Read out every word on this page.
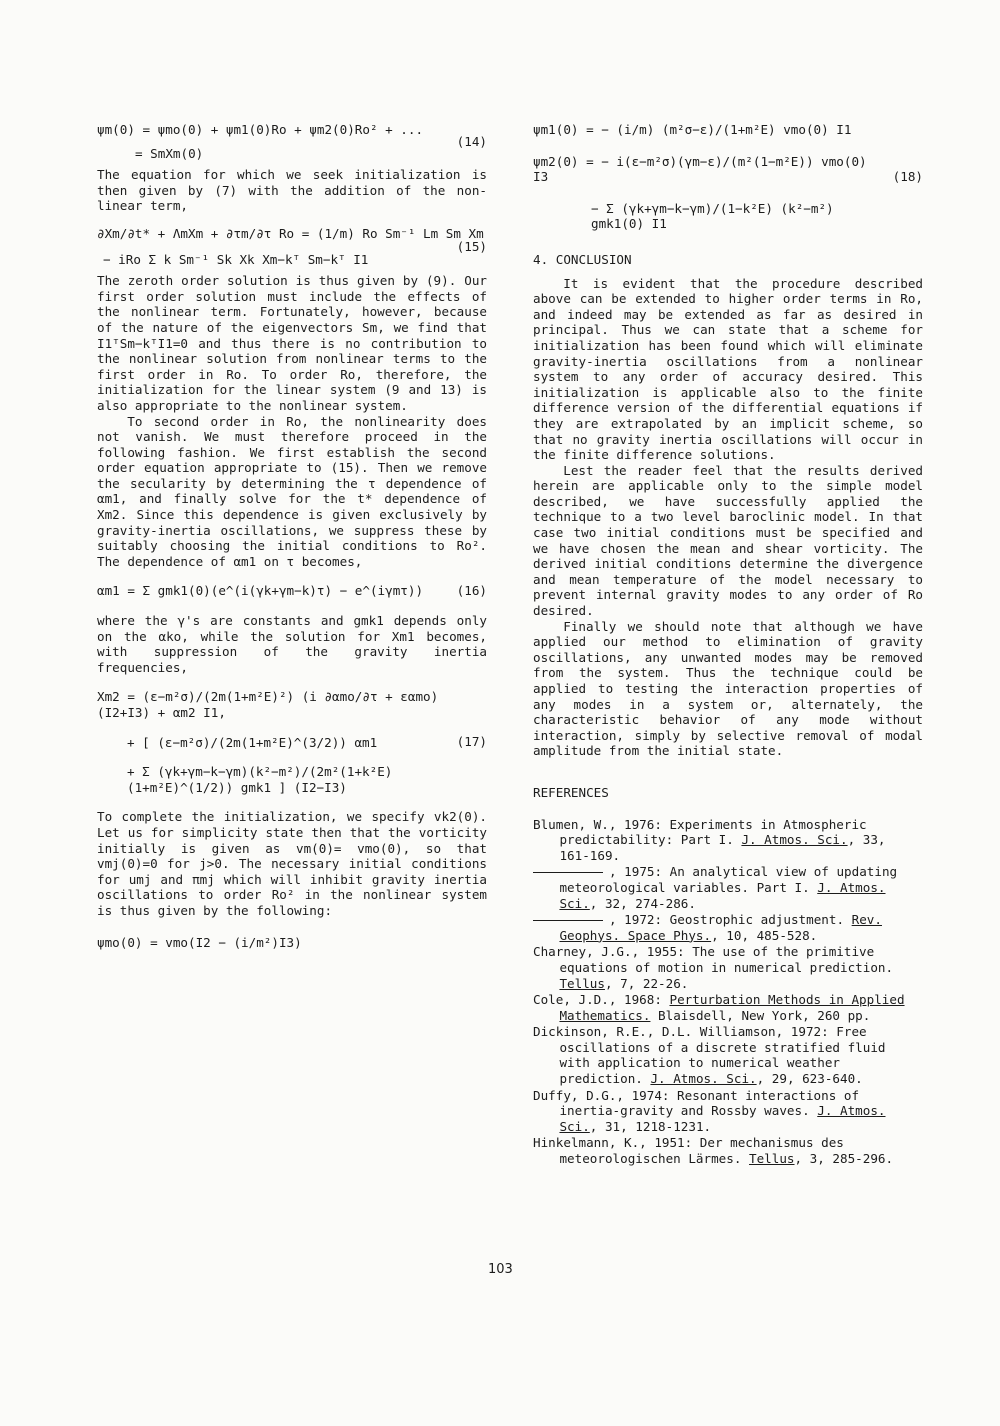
ψm(0) = ψmo(0) + ψm1(0)Ro + ψm2(0)Ro² + ...
= SmXm(0)
(14)

The equation for which we seek initialization is then given by (7) with the addition of the non-linear term,

∂Xm/∂t* + ΛmXm + ∂τm/∂τ Ro = (1/m) Ro Sm⁻¹ Lm Sm Xm
− iRo Σ k Sm⁻¹ Sk Xk Xm−kᵀ Sm−kᵀ I1
(15)

The zeroth order solution is thus given by (9). Our first order solution must include the effects of the nonlinear term. Fortunately, however, because of the nature of the eigenvectors Sm, we find that I1ᵀSm−kᵀI1=0 and thus there is no contribution to the nonlinear solution from nonlinear terms to the first order in Ro. To order Ro, therefore, the initialization for the linear system (9 and 13) is also appropriate to the nonlinear system.

To second order in Ro, the nonlinearity does not vanish. We must therefore proceed in the following fashion. We first establish the second order equation appropriate to (15). Then we remove the secularity by determining the τ dependence of αm1, and finally solve for the t* dependence of Xm2. Since this dependence is given exclusively by gravity-inertia oscillations, we suppress these by suitably choosing the initial conditions to Ro². The dependence of αm1 on τ becomes,

αm1 = Σ gmk1(0)(e^(i(γk+γm−k)τ) − e^(iγmτ))	(16)

where the γ's are constants and gmk1 depends only on the αko, while the solution for Xm1 becomes, with suppression of the gravity inertia frequencies,

Xm2 = (ε−m²σ)/(2m(1+m²E)²) (i ∂αmo/∂τ + εαmo)(I2+I3) + αm2 I1,
+ [ (ε−m²σ)/(2m(1+m²E)^(3/2)) αm1
+ Σ (γk+γm−k−γm)(k²−m²)/(2m²(1+k²E)(1+m²E)^(1/2)) gmk1 ] (I2−I3)
(17)

To complete the initialization, we specify vk2(0). Let us for simplicity state then that the vorticity initially is given as vm(0)= vmo(0), so that vmj(0)=0 for j>0. The necessary initial conditions for umj and πmj which will inhibit gravity inertia oscillations to order Ro² in the nonlinear system is thus given by the following:

ψmo(0) = vmo(I2 − (i/m²)I3)
ψm1(0) = − (i/m) (m²σ−ε)/(1+m²E) vmo(0) I1
ψm2(0) = − i(ε−m²σ)(γm−ε)/(m²(1−m²E)) vmo(0) I3
− Σ (γk+γm−k−γm)/(1−k²E) (k²−m²) gmk1(0) I1
(18)
4. CONCLUSION

It is evident that the procedure described above can be extended to higher order terms in Ro, and indeed may be extended as far as desired in principal. Thus we can state that a scheme for initialization has been found which will eliminate gravity-inertia oscillations from a nonlinear system to any order of accuracy desired. This initialization is applicable also to the finite difference version of the differential equations if they are extrapolated by an implicit scheme, so that no gravity inertia oscillations will occur in the finite difference solutions.

Lest the reader feel that the results derived herein are applicable only to the simple model described, we have successfully applied the technique to a two level baroclinic model. In that case two initial conditions must be specified and we have chosen the mean and shear vorticity. The derived initial conditions determine the divergence and mean temperature of the model necessary to prevent internal gravity modes to any order of Ro desired.

Finally we should note that although we have applied our method to elimination of gravity oscillations, any unwanted modes may be removed from the system. Thus the technique could be applied to testing the interaction properties of any modes in a system or, alternately, the characteristic behavior of any mode without interaction, simply by selective removal of modal amplitude from the initial state.

REFERENCES
Blumen, W., 1976: Experiments in Atmospheric predictability: Part I. J. Atmos. Sci., 33, 161-169.
, 1975: An analytical view of updating meteorological variables. Part I. J. Atmos. Sci., 32, 274-286.
, 1972: Geostrophic adjustment. Rev. Geophys. Space Phys., 10, 485-528.
Charney, J.G., 1955: The use of the primitive equations of motion in numerical prediction. Tellus, 7, 22-26.
Cole, J.D., 1968: Perturbation Methods in Applied Mathematics. Blaisdell, New York, 260 pp.
Dickinson, R.E., D.L. Williamson, 1972: Free oscillations of a discrete stratified fluid with application to numerical weather prediction. J. Atmos. Sci., 29, 623-640.
Duffy, D.G., 1974: Resonant interactions of inertia-gravity and Rossby waves. J. Atmos. Sci., 31, 1218-1231.
Hinkelmann, K., 1951: Der mechanismus des meteorologischen Lärmes. Tellus, 3, 285-296.
103
